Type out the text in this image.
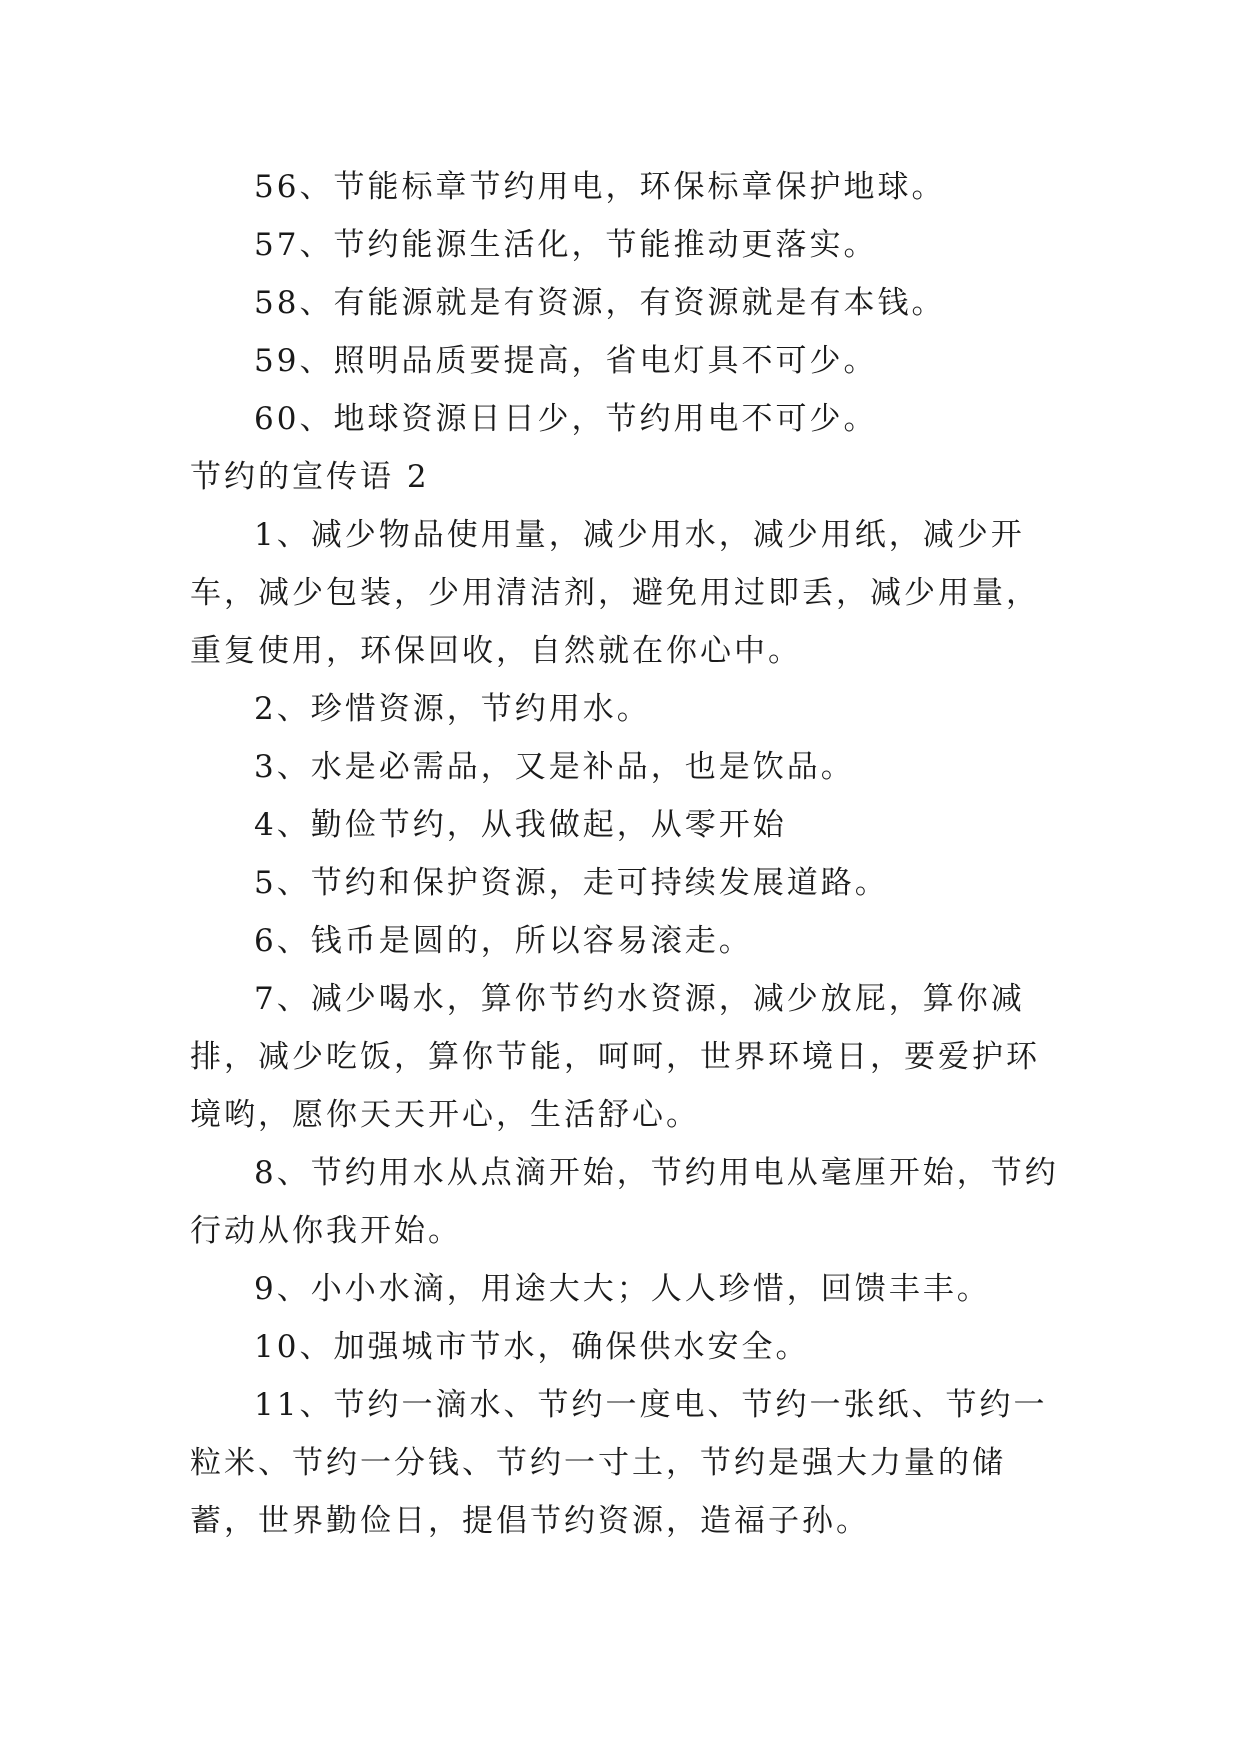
56、节能标章节约用电，环保标章保护地球。

57、节约能源生活化，节能推动更落实。

58、有能源就是有资源，有资源就是有本钱。

59、照明品质要提高，省电灯具不可少。

60、地球资源日日少，节约用电不可少。

节约的宣传语 2

1、减少物品使用量，减少用水，减少用纸，减少开车，减少包装，少用清洁剂，避免用过即丢，减少用量，重复使用，环保回收，自然就在你心中。

2、珍惜资源，节约用水。

3、水是必需品，又是补品，也是饮品。

4、勤俭节约，从我做起，从零开始

5、节约和保护资源，走可持续发展道路。

6、钱币是圆的，所以容易滚走。

7、减少喝水，算你节约水资源，减少放屁，算你减排，减少吃饭，算你节能，呵呵，世界环境日，要爱护环境哟，愿你天天开心，生活舒心。

8、节约用水从点滴开始，节约用电从毫厘开始，节约行动从你我开始。

9、小小水滴，用途大大；人人珍惜，回馈丰丰。

10、加强城市节水，确保供水安全。

11、节约一滴水、节约一度电、节约一张纸、节约一粒米、节约一分钱、节约一寸土，节约是强大力量的储蓄，世界勤俭日，提倡节约资源，造福子孙。
